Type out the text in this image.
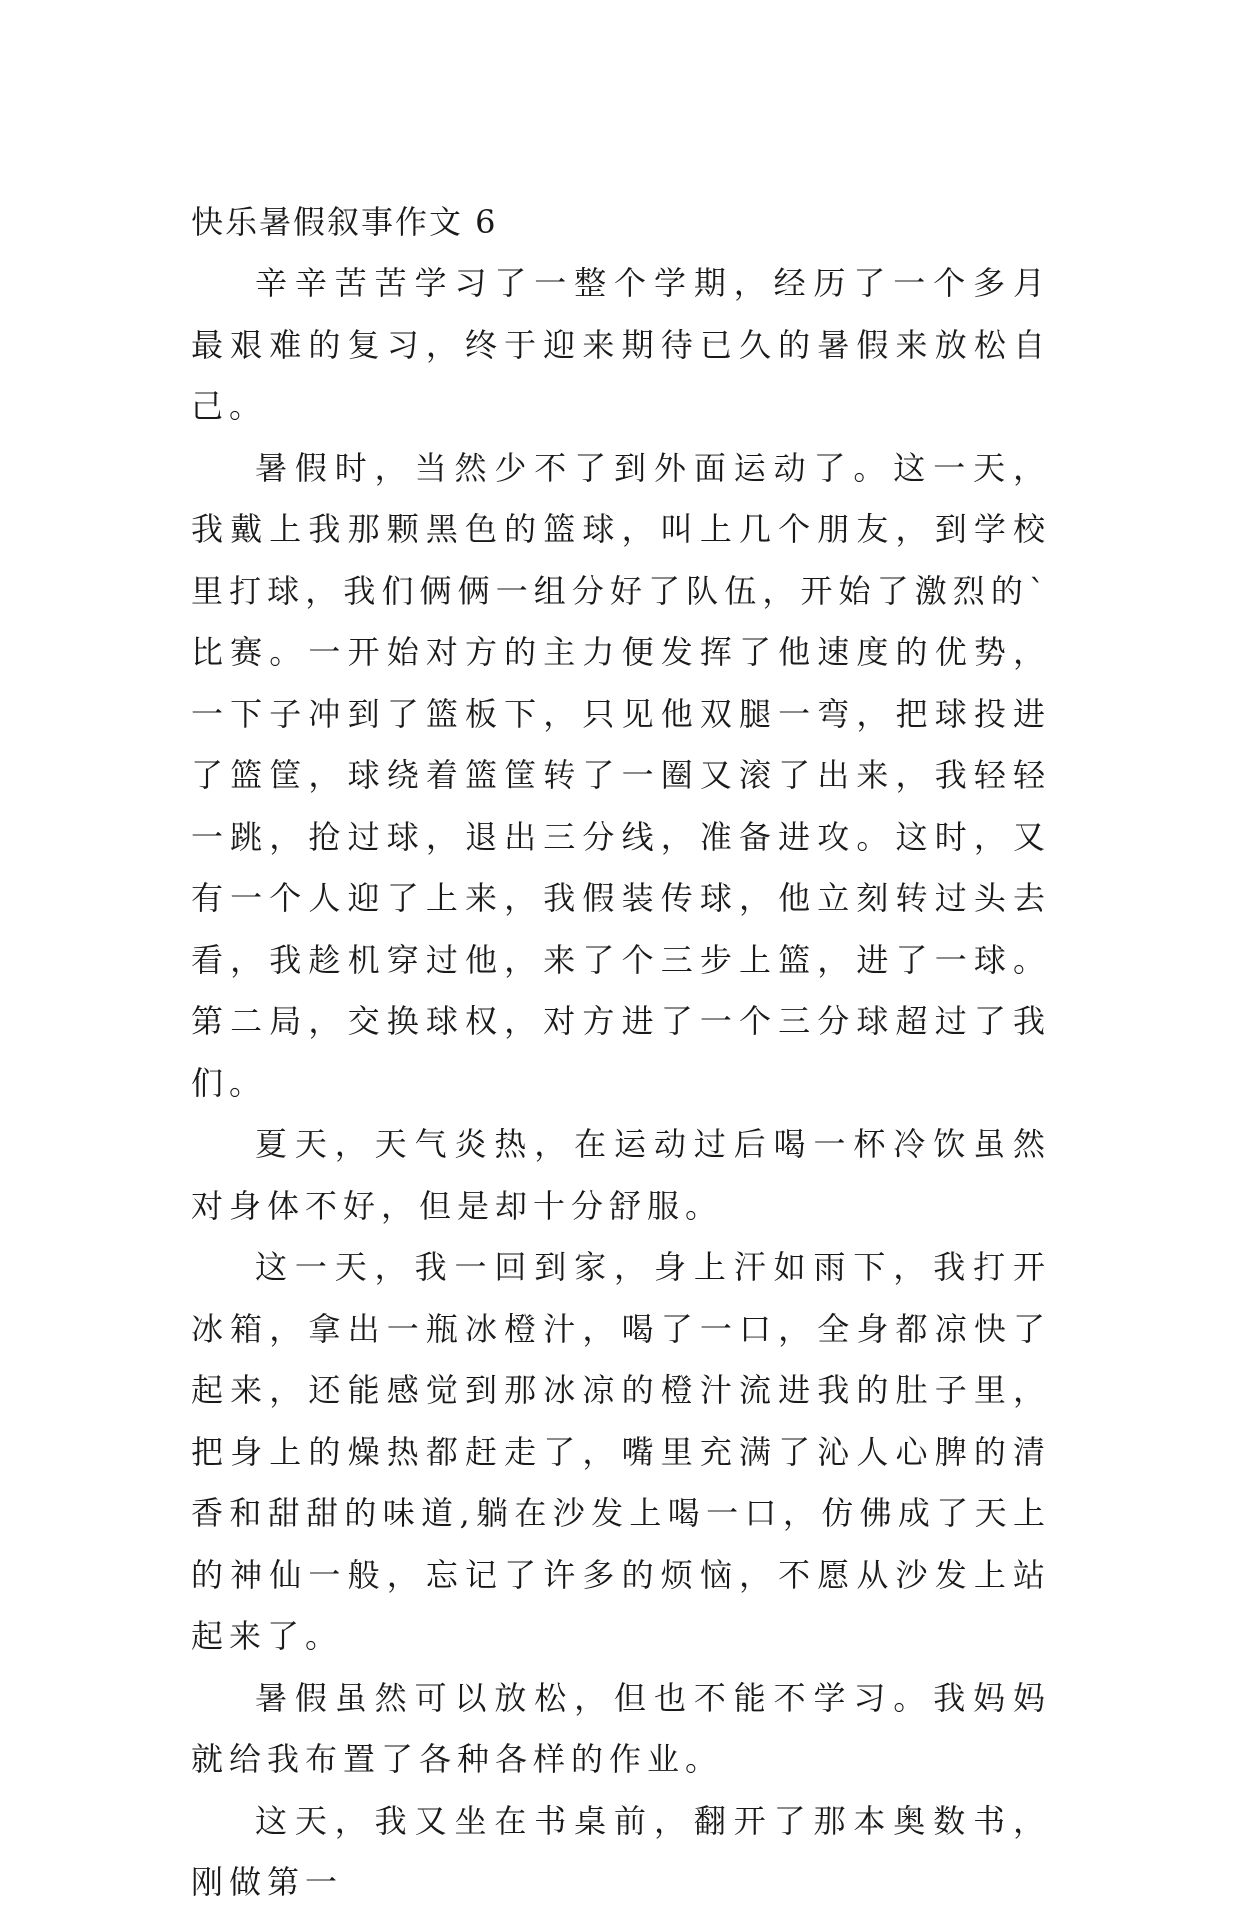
快乐暑假叙事作文 6

辛辛苦苦学习了一整个学期，经历了一个多月最艰难的复习，终于迎来期待已久的暑假来放松自己。

暑假时，当然少不了到外面运动了。这一天，我戴上我那颗黑色的篮球，叫上几个朋友，到学校里打球，我们俩俩一组分好了队伍，开始了激烈的`比赛。一开始对方的主力便发挥了他速度的优势，一下子冲到了篮板下，只见他双腿一弯，把球投进了篮筐，球绕着篮筐转了一圈又滚了出来，我轻轻一跳，抢过球，退出三分线，准备进攻。这时，又有一个人迎了上来，我假装传球，他立刻转过头去看，我趁机穿过他，来了个三步上篮，进了一球。第二局，交换球权，对方进了一个三分球超过了我们。

夏天，天气炎热，在运动过后喝一杯冷饮虽然对身体不好，但是却十分舒服。

这一天，我一回到家，身上汗如雨下，我打开冰箱，拿出一瓶冰橙汁，喝了一口，全身都凉快了起来，还能感觉到那冰凉的橙汁流进我的肚子里，把身上的燥热都赶走了，嘴里充满了沁人心脾的清香和甜甜的味道,躺在沙发上喝一口，仿佛成了天上的神仙一般，忘记了许多的烦恼，不愿从沙发上站起来了。

暑假虽然可以放松，但也不能不学习。我妈妈就给我布置了各种各样的作业。

这天，我又坐在书桌前，翻开了那本奥数书，刚做第一
